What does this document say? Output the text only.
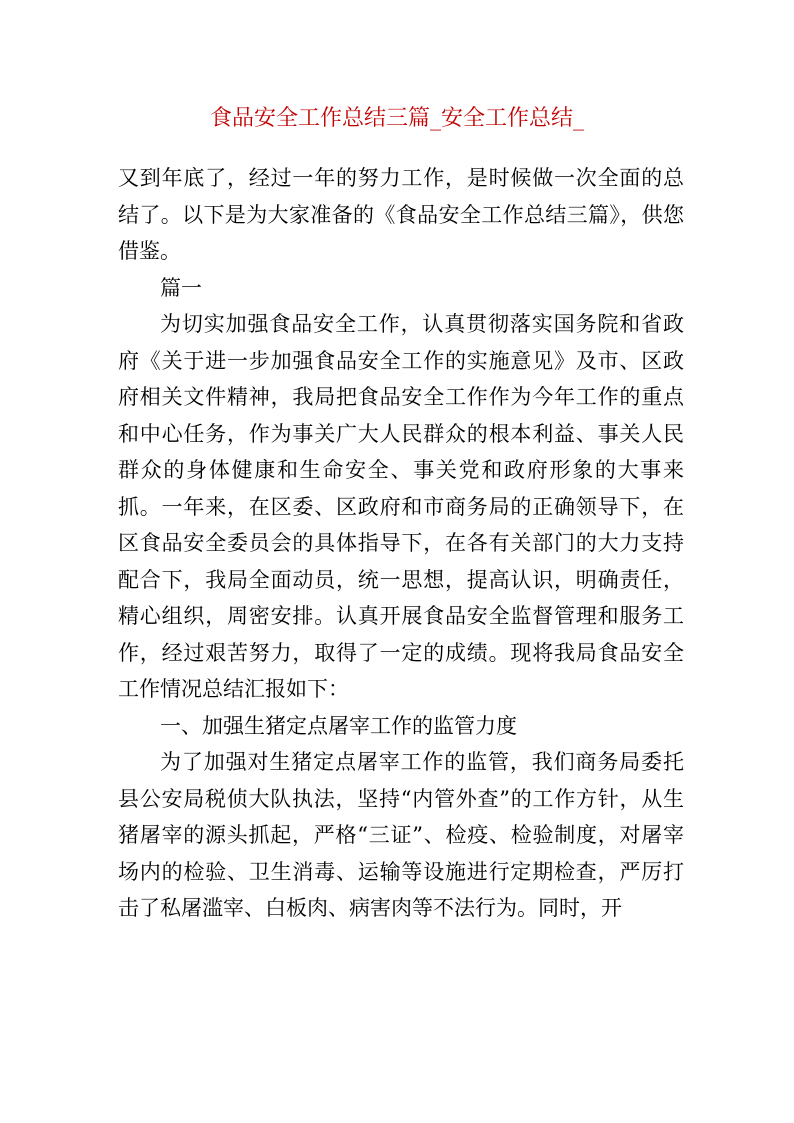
食品安全工作总结三篇_安全工作总结_

又到年底了，经过一年的努力工作，是时候做一次全面的总结了。以下是为大家准备的《食品安全工作总结三篇》，供您借鉴。

篇一

为切实加强食品安全工作，认真贯彻落实国务院和省政府《关于进一步加强食品安全工作的实施意见》及市、区政府相关文件精神，我局把食品安全工作作为今年工作的重点和中心任务，作为事关广大人民群众的根本利益、事关人民群众的身体健康和生命安全、事关党和政府形象的大事来抓。一年来，在区委、区政府和市商务局的正确领导下，在区食品安全委员会的具体指导下，在各有关部门的大力支持配合下，我局全面动员，统一思想，提高认识，明确责任，精心组织，周密安排。认真开展食品安全监督管理和服务工作，经过艰苦努力，取得了一定的成绩。现将我局食品安全工作情况总结汇报如下：

一、加强生猪定点屠宰工作的监管力度

为了加强对生猪定点屠宰工作的监管，我们商务局委托县公安局税侦大队执法，坚持“内管外查”的工作方针，从生猪屠宰的源头抓起，严格“三证”、检疫、检验制度，对屠宰场内的检验、卫生消毒、运输等设施进行定期检查，严厉打击了私屠滥宰、白板肉、病害肉等不法行为。同时，开
